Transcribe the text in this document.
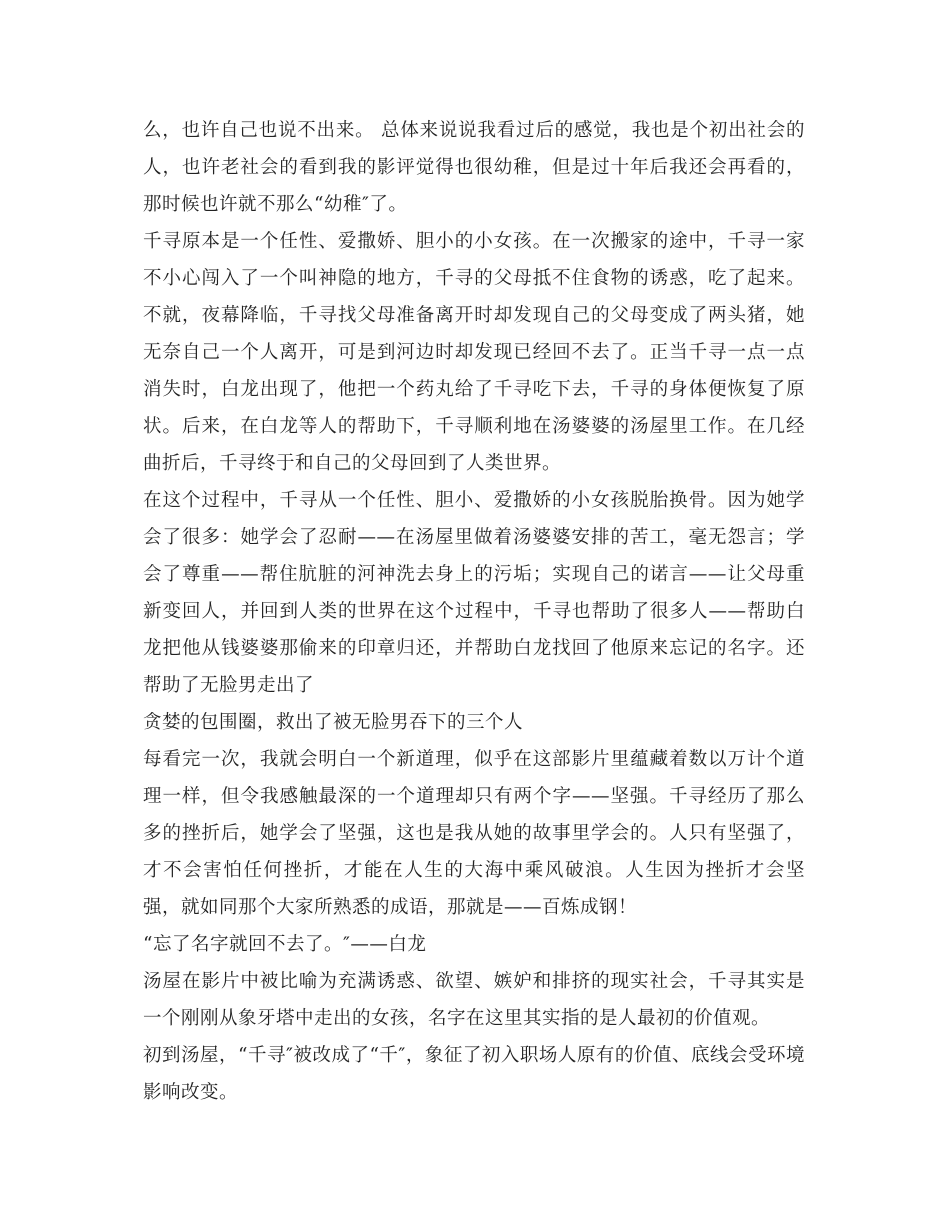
么，也许自己也说不出来。 总体来说说我看过后的感觉，我也是个初出社会的人，也许老社会的看到我的影评觉得也很幼稚，但是过十年后我还会再看的，那时候也许就不那么“幼稚″了。

千寻原本是一个任性、爱撒娇、胆小的小女孩。在一次搬家的途中，千寻一家不小心闯入了一个叫神隐的地方，千寻的父母抵不住食物的诱惑，吃了起来。不就，夜幕降临，千寻找父母准备离开时却发现自己的父母变成了两头猪，她无奈自己一个人离开，可是到河边时却发现已经回不去了。正当千寻一点一点消失时，白龙出现了，他把一个药丸给了千寻吃下去，千寻的身体便恢复了原状。后来，在白龙等人的帮助下，千寻顺利地在汤婆婆的汤屋里工作。在几经曲折后，千寻终于和自己的父母回到了人类世界。

在这个过程中，千寻从一个任性、胆小、爱撒娇的小女孩脱胎换骨。因为她学会了很多：她学会了忍耐——在汤屋里做着汤婆婆安排的苦工，毫无怨言；学会了尊重——帮住肮脏的河神洗去身上的污垢；实现自己的诺言——让父母重新变回人，并回到人类的世界在这个过程中，千寻也帮助了很多人——帮助白龙把他从钱婆婆那偷来的印章归还，并帮助白龙找回了他原来忘记的名字。还帮助了无脸男走出了

贪婪的包围圈，救出了被无脸男吞下的三个人

每看完一次，我就会明白一个新道理，似乎在这部影片里蕴藏着数以万计个道理一样，但令我感触最深的一个道理却只有两个字——坚强。千寻经历了那么多的挫折后，她学会了坚强，这也是我从她的故事里学会的。人只有坚强了，才不会害怕任何挫折，才能在人生的大海中乘风破浪。人生因为挫折才会坚强，就如同那个大家所熟悉的成语，那就是——百炼成钢！

“忘了名字就回不去了。″——白龙

汤屋在影片中被比喻为充满诱惑、欲望、嫉妒和排挤的现实社会，千寻其实是一个刚刚从象牙塔中走出的女孩，名字在这里其实指的是人最初的价值观。

初到汤屋，“千寻″被改成了“千″，象征了初入职场人原有的价值、底线会受环境影响改变。
